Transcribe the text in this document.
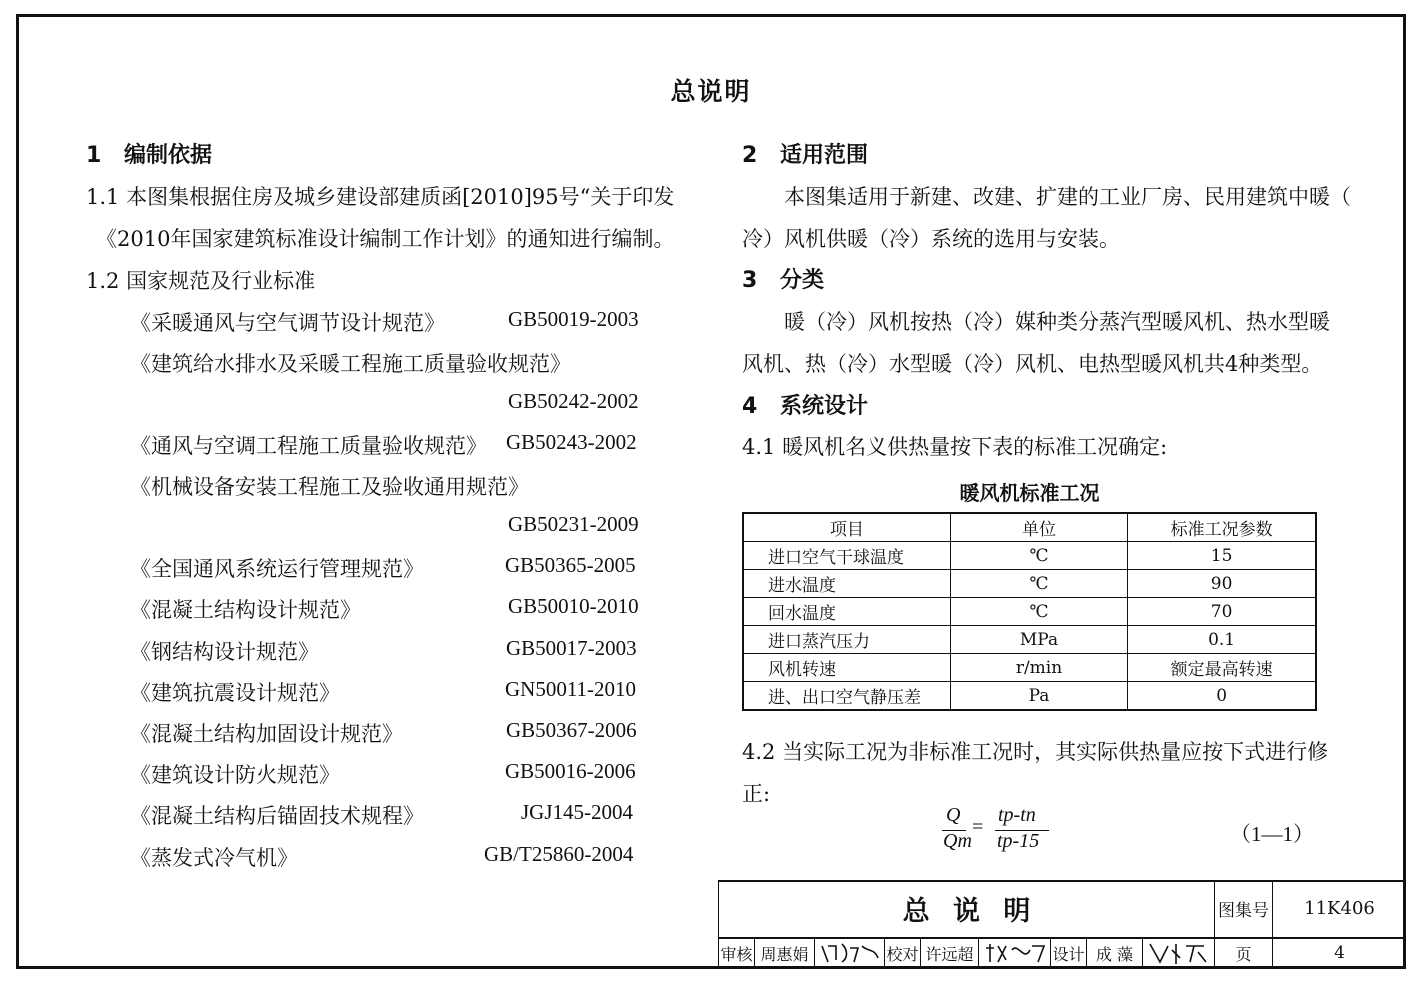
总说明
1 编制依据
1.1 本图集根据住房及城乡建设部建质函[2010]95号“关于印发
《2010年国家建筑标准设计编制工作计划》的通知进行编制。
1.2 国家规范及行业标准
《采暖通风与空气调节设计规范》	GB50019-2003
《建筑给水排水及采暖工程施工质量验收规范》
GB50242-2002
《通风与空调工程施工质量验收规范》 GB50243-2002
《机械设备安装工程施工及验收通用规范》
GB50231-2009
《全国通风系统运行管理规范》	GB50365-2005
《混凝土结构设计规范》	GB50010-2010
《钢结构设计规范》	GB50017-2003
《建筑抗震设计规范》	GN50011-2010
《混凝土结构加固设计规范》	GB50367-2006
《建筑设计防火规范》	GB50016-2006
《混凝土结构后锚固技术规程》	JGJ145-2004
《蒸发式冷气机》	GB/T25860-2004
2 适用范围
本图集适用于新建、改建、扩建的工业厂房、民用建筑中暖（
冷）风机供暖（冷）系统的选用与安装。
3 分类
暖（冷）风机按热（冷）媒种类分蒸汽型暖风机、热水型暖
风机、热（冷）水型暖（冷）风机、电热型暖风机共4种类型。
4 系统设计
4.1 暖风机名义供热量按下表的标准工况确定:
暖风机标准工况
项目	单位	标准工况参数
进口空气干球温度	℃	15
进水温度	℃	90
回水温度	℃	70
进口蒸汽压力	MPa	0.1
风机转速	r/min	额定最高转速
进、出口空气静压差	Pa	0
4.2 当实际工况为非标准工况时，其实际供热量应按下式进行修
正:
Q
Qm
=
tp-tn
tp-15	（1—1）
总 说 明	图集号	11K406
审核 周惠娟	校对 许远超	设计 成 藻	页	4
